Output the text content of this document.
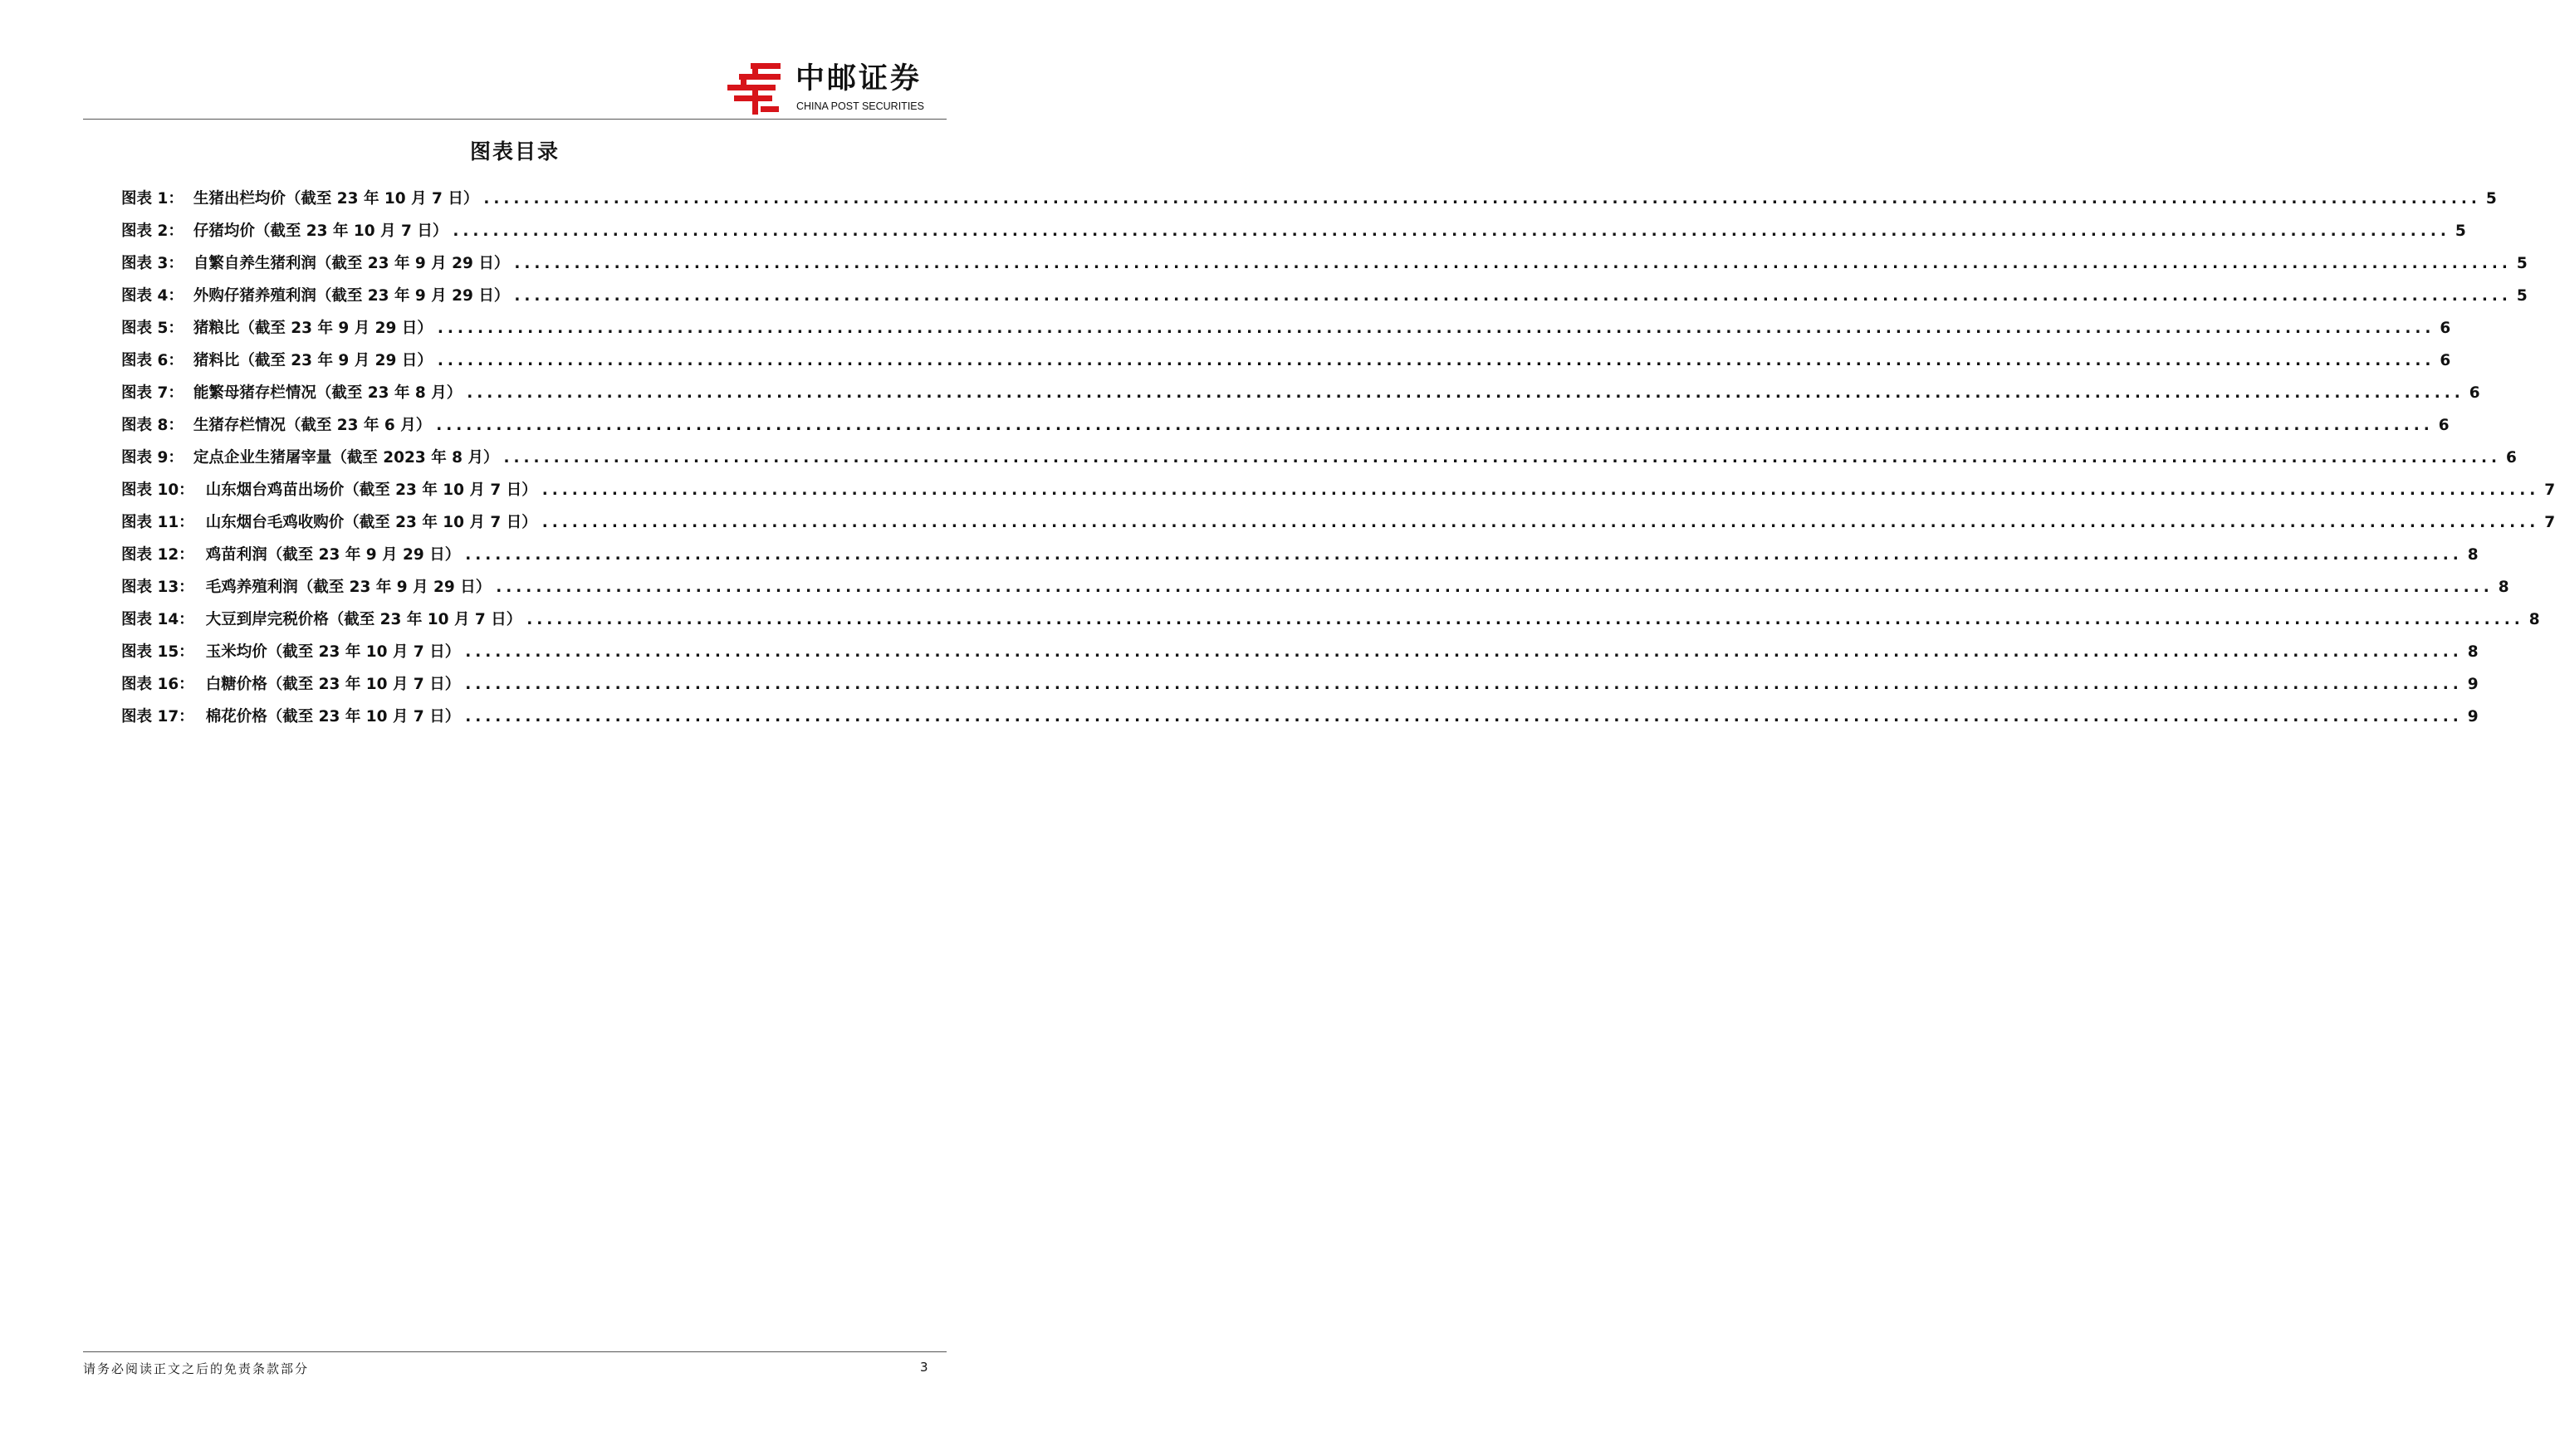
中邮证券
CHINA POST SECURITIES
图表目录
图表 1： 生猪出栏均价（截至 23 年 10 月 7 日） ........................................................................................................................................................................................................ 5
图表 2： 仔猪均价（截至 23 年 10 月 7 日） ........................................................................................................................................................................................................ 5
图表 3： 自繁自养生猪利润（截至 23 年 9 月 29 日） ........................................................................................................................................................................................................ 5
图表 4： 外购仔猪养殖利润（截至 23 年 9 月 29 日） ........................................................................................................................................................................................................ 5
图表 5： 猪粮比（截至 23 年 9 月 29 日） ........................................................................................................................................................................................................ 6
图表 6： 猪料比（截至 23 年 9 月 29 日） ........................................................................................................................................................................................................ 6
图表 7： 能繁母猪存栏情况（截至 23 年 8 月） ........................................................................................................................................................................................................ 6
图表 8： 生猪存栏情况（截至 23 年 6 月） ........................................................................................................................................................................................................ 6
图表 9： 定点企业生猪屠宰量（截至 2023 年 8 月） ........................................................................................................................................................................................................ 6
图表 10： 山东烟台鸡苗出场价（截至 23 年 10 月 7 日） ........................................................................................................................................................................................................ 7
图表 11： 山东烟台毛鸡收购价（截至 23 年 10 月 7 日） ........................................................................................................................................................................................................ 7
图表 12： 鸡苗利润（截至 23 年 9 月 29 日） ........................................................................................................................................................................................................ 8
图表 13： 毛鸡养殖利润（截至 23 年 9 月 29 日） ........................................................................................................................................................................................................ 8
图表 14： 大豆到岸完税价格（截至 23 年 10 月 7 日） ........................................................................................................................................................................................................ 8
图表 15： 玉米均价（截至 23 年 10 月 7 日） ........................................................................................................................................................................................................ 8
图表 16： 白糖价格（截至 23 年 10 月 7 日） ........................................................................................................................................................................................................ 9
图表 17： 棉花价格（截至 23 年 10 月 7 日） ........................................................................................................................................................................................................ 9
请务必阅读正文之后的免责条款部分	3
